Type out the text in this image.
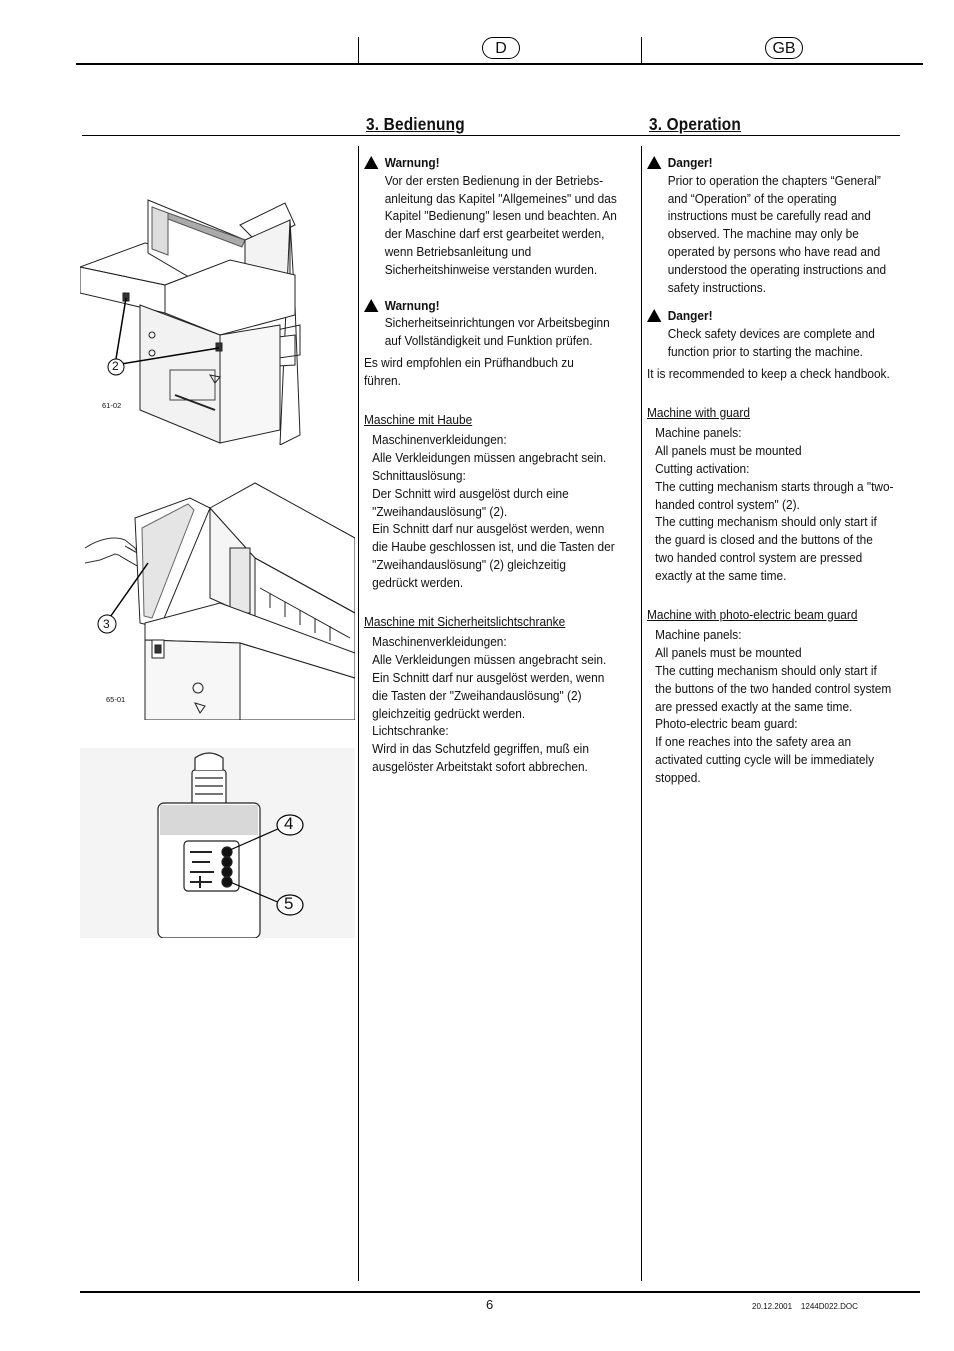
D	GB
3. Bedienung	3. Operation
2
61-02
3
65-01
4
5

Warnung!

Vor der ersten Bedienung in der Betriebs-

anleitung das Kapitel "Allgemeines" und das

Kapitel "Bedienung" lesen und beachten. An

der Maschine darf erst gearbeitet werden,

wenn Betriebsanleitung und

Sicherheitshinweise verstanden wurden.

Warnung!

Sicherheitseinrichtungen vor Arbeitsbeginn

auf Vollständigkeit und Funktion prüfen.

Es wird empfohlen ein Prüfhandbuch zu

führen.

Maschine mit Haube

Maschinenverkleidungen:

Alle Verkleidungen müssen angebracht sein.

Schnittauslösung:

Der Schnitt wird ausgelöst durch eine

"Zweihandauslösung" (2).

Ein Schnitt darf nur ausgelöst werden, wenn

die Haube geschlossen ist, und die Tasten der

"Zweihandauslösung" (2) gleichzeitig

gedrückt werden.

Maschine mit Sicherheitslichtschranke

Maschinenverkleidungen:

Alle Verkleidungen müssen angebracht sein.

Ein Schnitt darf nur ausgelöst werden, wenn

die Tasten der "Zweihandauslösung" (2)

gleichzeitig gedrückt werden.

Lichtschranke:

Wird in das Schutzfeld gegriffen, muß ein

ausgelöster Arbeitstakt sofort abbrechen.

Danger!

Prior to operation the chapters “General”

and “Operation” of the operating

instructions must be carefully read and

observed. The machine may only be

operated by persons who have read and

understood the operating instructions and

safety instructions.

Danger!

Check safety devices are complete and

function prior to starting the machine.

It is recommended to keep a check handbook.

Machine with guard

Machine panels:

All panels must be mounted

Cutting activation:

The cutting mechanism starts through a "two-

handed control system" (2).

The cutting mechanism should only start if

the guard is closed and the buttons of the

two handed control system are pressed

exactly at the same time.

Machine with photo-electric beam guard

Machine panels:

All panels must be mounted

The cutting mechanism should only start if

the buttons of the two handed control system

are pressed exactly at the same time.

Photo-electric beam guard:

If one reaches into the safety area an

activated cutting cycle will be immediately

stopped.

6	20.12.2001    1244D022.DOC
